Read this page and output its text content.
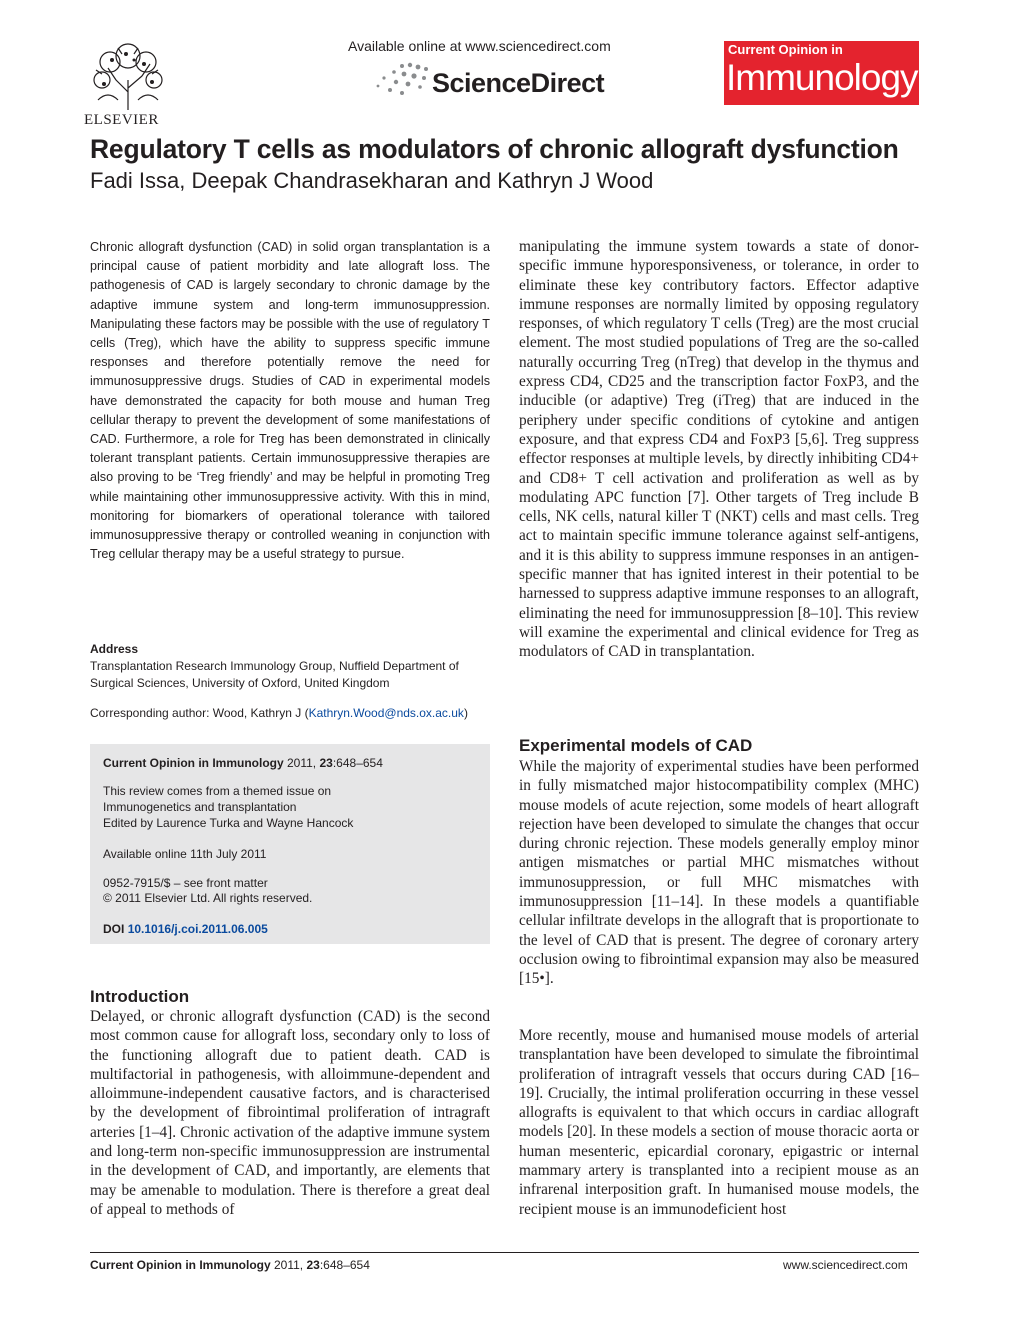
ELSEVIER
Available online at www.sciencedirect.com
ScienceDirect
Current Opinion in
Immunology
Regulatory T cells as modulators of chronic allograft dysfunction
Fadi Issa, Deepak Chandrasekharan and Kathryn J Wood
Chronic allograft dysfunction (CAD) in solid organ transplantation is a principal cause of patient morbidity and late allograft loss. The pathogenesis of CAD is largely secondary to chronic damage by the adaptive immune system and long-term immunosuppression. Manipulating these factors may be possible with the use of regulatory T cells (Treg), which have the ability to suppress specific immune responses and therefore potentially remove the need for immunosuppressive drugs. Studies of CAD in experimental models have demonstrated the capacity for both mouse and human Treg cellular therapy to prevent the development of some manifestations of CAD. Furthermore, a role for Treg has been demonstrated in clinically tolerant transplant patients. Certain immunosuppressive therapies are also proving to be ‘Treg friendly’ and may be helpful in promoting Treg while maintaining other immunosuppressive activity. With this in mind, monitoring for biomarkers of operational tolerance with tailored immunosuppressive therapy or controlled weaning in conjunction with Treg cellular therapy may be a useful strategy to pursue.
Address
Transplantation Research Immunology Group, Nuffield Department of Surgical Sciences, University of Oxford, United Kingdom
Corresponding author: Wood, Kathryn J (Kathryn.Wood@nds.ox.ac.uk)
Current Opinion in Immunology 2011, 23:648–654
This review comes from a themed issue on
Immunogenetics and transplantation
Edited by Laurence Turka and Wayne Hancock
Available online 11th July 2011
0952-7915/$ – see front matter
© 2011 Elsevier Ltd. All rights reserved.
DOI 10.1016/j.coi.2011.06.005
Introduction
Delayed, or chronic allograft dysfunction (CAD) is the second most common cause for allograft loss, secondary only to loss of the functioning allograft due to patient death. CAD is multifactorial in pathogenesis, with alloimmune-dependent and alloimmune-independent causative factors, and is characterised by the development of fibrointimal proliferation of intragraft arteries [1–4]. Chronic activation of the adaptive immune system and long-term non-specific immunosuppression are instrumental in the development of CAD, and importantly, are elements that may be amenable to modulation. There is therefore a great deal of appeal to methods of
manipulating the immune system towards a state of donor-specific immune hyporesponsiveness, or tolerance, in order to eliminate these key contributory factors. Effector adaptive immune responses are normally limited by opposing regulatory responses, of which regulatory T cells (Treg) are the most crucial element. The most studied populations of Treg are the so-called naturally occurring Treg (nTreg) that develop in the thymus and express CD4, CD25 and the transcription factor FoxP3, and the inducible (or adaptive) Treg (iTreg) that are induced in the periphery under specific conditions of cytokine and antigen exposure, and that express CD4 and FoxP3 [5,6]. Treg suppress effector responses at multiple levels, by directly inhibiting CD4+ and CD8+ T cell activation and proliferation as well as by modulating APC function [7]. Other targets of Treg include B cells, NK cells, natural killer T (NKT) cells and mast cells. Treg act to maintain specific immune tolerance against self-antigens, and it is this ability to suppress immune responses in an antigen-specific manner that has ignited interest in their potential to be harnessed to suppress adaptive immune responses to an allograft, eliminating the need for immunosuppression [8–10]. This review will examine the experimental and clinical evidence for Treg as modulators of CAD in transplantation.
Experimental models of CAD
While the majority of experimental studies have been performed in fully mismatched major histocompatibility complex (MHC) mouse models of acute rejection, some models of heart allograft rejection have been developed to simulate the changes that occur during chronic rejection. These models generally employ minor antigen mismatches or partial MHC mismatches without immunosuppression, or full MHC mismatches with immunosuppression [11–14]. In these models a quantifiable cellular infiltrate develops in the allograft that is proportionate to the level of CAD that is present. The degree of coronary artery occlusion owing to fibrointimal expansion may also be measured [15•].
More recently, mouse and humanised mouse models of arterial transplantation have been developed to simulate the fibrointimal proliferation of intragraft vessels that occurs during CAD [16–19]. Crucially, the intimal proliferation occurring in these vessel allografts is equivalent to that which occurs in cardiac allograft models [20]. In these models a section of mouse thoracic aorta or human mesenteric, epicardial coronary, epigastric or internal mammary artery is transplanted into a recipient mouse as an infrarenal interposition graft. In humanised mouse models, the recipient mouse is an immunodeficient host
Current Opinion in Immunology 2011, 23:648–654	www.sciencedirect.com
